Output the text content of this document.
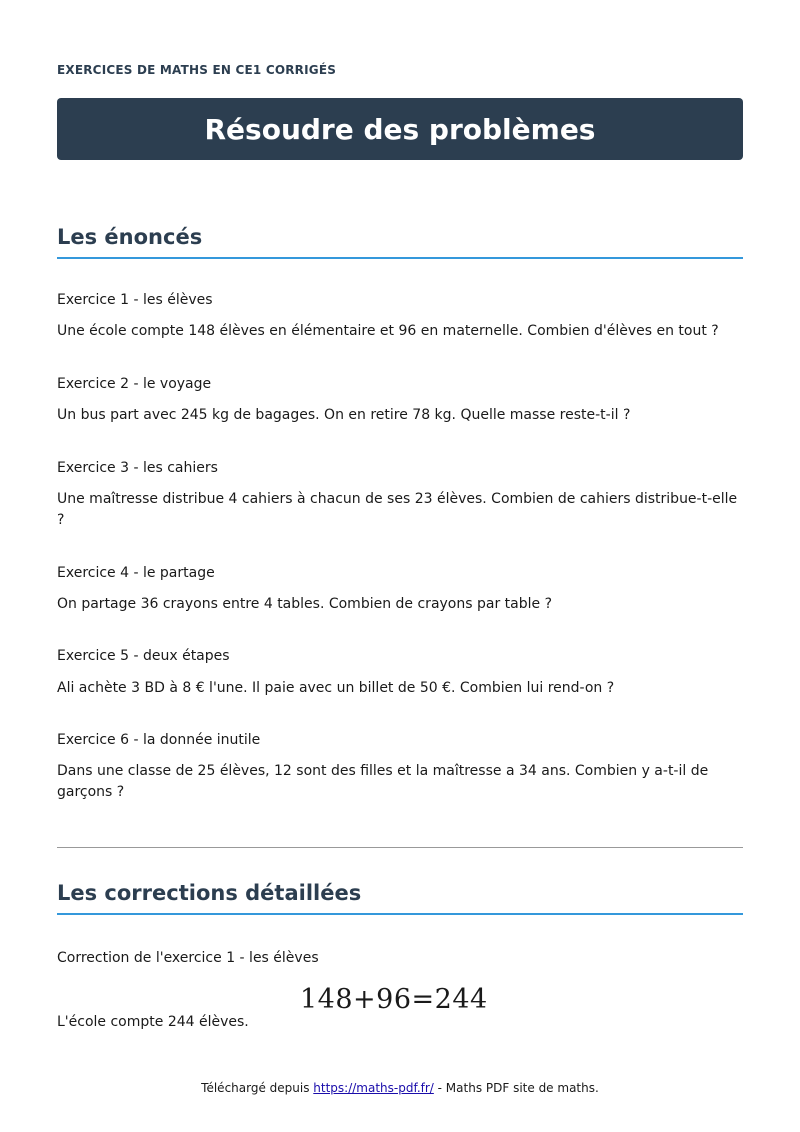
EXERCICES DE MATHS EN CE1 CORRIGÉS
Résoudre des problèmes
Les énoncés

Exercice 1 - les élèves

Une école compte 148 élèves en élémentaire et 96 en maternelle. Combien d'élèves en tout ?

Exercice 2 - le voyage

Un bus part avec 245 kg de bagages. On en retire 78 kg. Quelle masse reste-t-il ?

Exercice 3 - les cahiers

Une maîtresse distribue 4 cahiers à chacun de ses 23 élèves. Combien de cahiers distribue-t-elle ?

Exercice 4 - le partage

On partage 36 crayons entre 4 tables. Combien de crayons par table ?

Exercice 5 - deux étapes

Ali achète 3 BD à 8 € l'une. Il paie avec un billet de 50 €. Combien lui rend-on ?

Exercice 6 - la donnée inutile

Dans une classe de 25 élèves, 12 sont des filles et la maîtresse a 34 ans. Combien y a-t-il de garçons ?

Les corrections détaillées

Correction de l'exercice 1 - les élèves

148+96=244

L'école compte 244 élèves.

Téléchargé depuis https://maths-pdf.fr/ - Maths PDF site de maths.
